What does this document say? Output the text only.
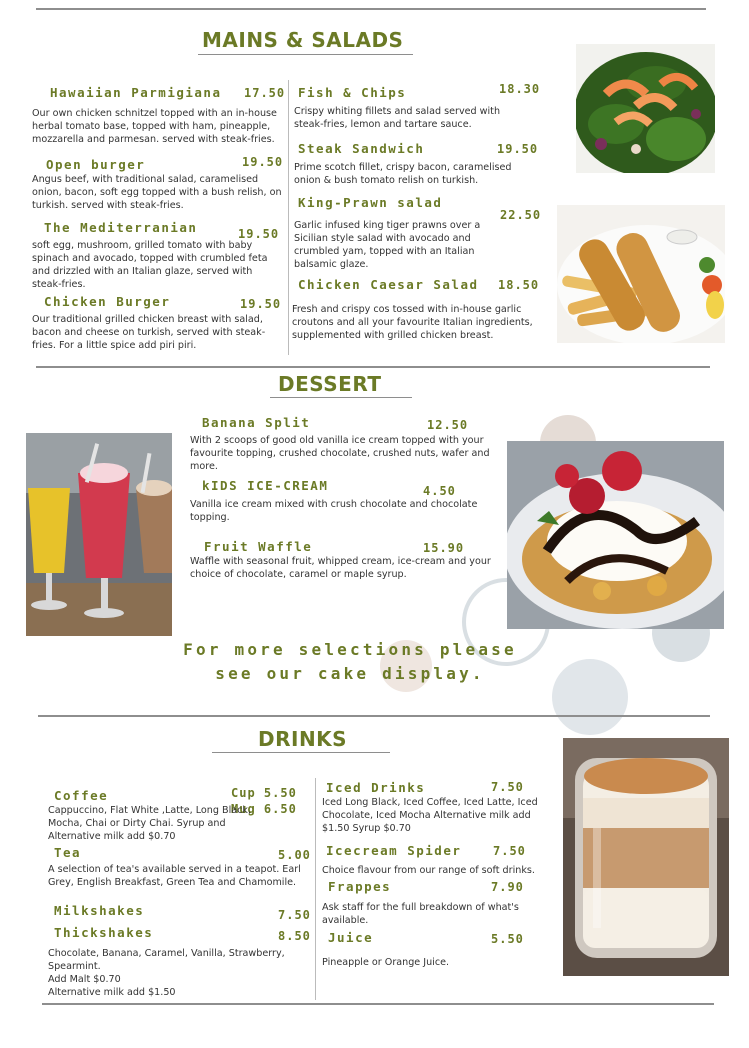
MAINS & SALADS
Hawaiian Parmigiana 17.50
Our own chicken schnitzel topped with an in-house herbal tomato base, topped with ham, pineapple, mozzarella and parmesan. served with steak-fries.
Open burger	19.50
Angus beef, with traditional salad, caramelised onion, bacon, soft egg topped with a bush relish, on turkish. served with steak-fries.
The Mediterranian	19.50
soft egg, mushroom, grilled tomato with baby spinach and avocado, topped with crumbled feta and drizzled with an Italian glaze, served with steak-fries.
Chicken Burger	19.50
Our traditional grilled chicken breast with salad, bacon and cheese on turkish, served with steak-fries. For a little spice add piri piri.
Fish & Chips	18.30
Crispy whiting fillets and salad served with steak-fries, lemon and tartare sauce.
Steak Sandwich	19.50
Prime scotch fillet, crispy bacon, caramelised onion & bush tomato relish on turkish.
King-Prawn salad
22.50
Garlic infused king tiger prawns over a Sicilian style salad with avocado and crumbled yam, topped with an Italian balsamic glaze.
Chicken Caesar Salad 18.50
Fresh and crispy cos tossed with in-house garlic croutons and all your favourite Italian ingredients, supplemented with grilled chicken breast.
DESSERT
Banana Split	12.50
With 2 scoops of good old vanilla ice cream topped with your favourite topping, crushed chocolate, crushed nuts, wafer and more.
kIDS ICE-CREAM	4.50
Vanilla ice cream mixed with crush chocolate and chocolate topping.
Fruit Waffle	15.90
Waffle with seasonal fruit, whipped cream, ice-cream and your choice of chocolate, caramel or maple syrup.
For more selections please
see our cake display.
DRINKS
Coffee	Cup 5.50
Mug 6.50
Cappuccino, Flat White ,Latte, Long Black, Mocha, Chai or Dirty Chai. Syrup and Alternative milk add $0.70
Tea	5.00
A selection of tea's available served in a teapot. Earl Grey, English Breakfast, Green Tea and Chamomile.
Milkshakes	7.50
Thickshakes	8.50
Chocolate, Banana, Caramel, Vanilla, Strawberry, Spearmint.
Add Malt $0.70
Alternative milk add $1.50
Iced Drinks	7.50
Iced Long Black, Iced Coffee, Iced Latte, Iced Chocolate, Iced Mocha Alternative milk add $1.50 Syrup $0.70
Icecream Spider	7.50
Choice flavour from our range of soft drinks.
Frappes	7.90
Ask staff for the full breakdown of what's available.
Juice	5.50
Pineapple or Orange Juice.
